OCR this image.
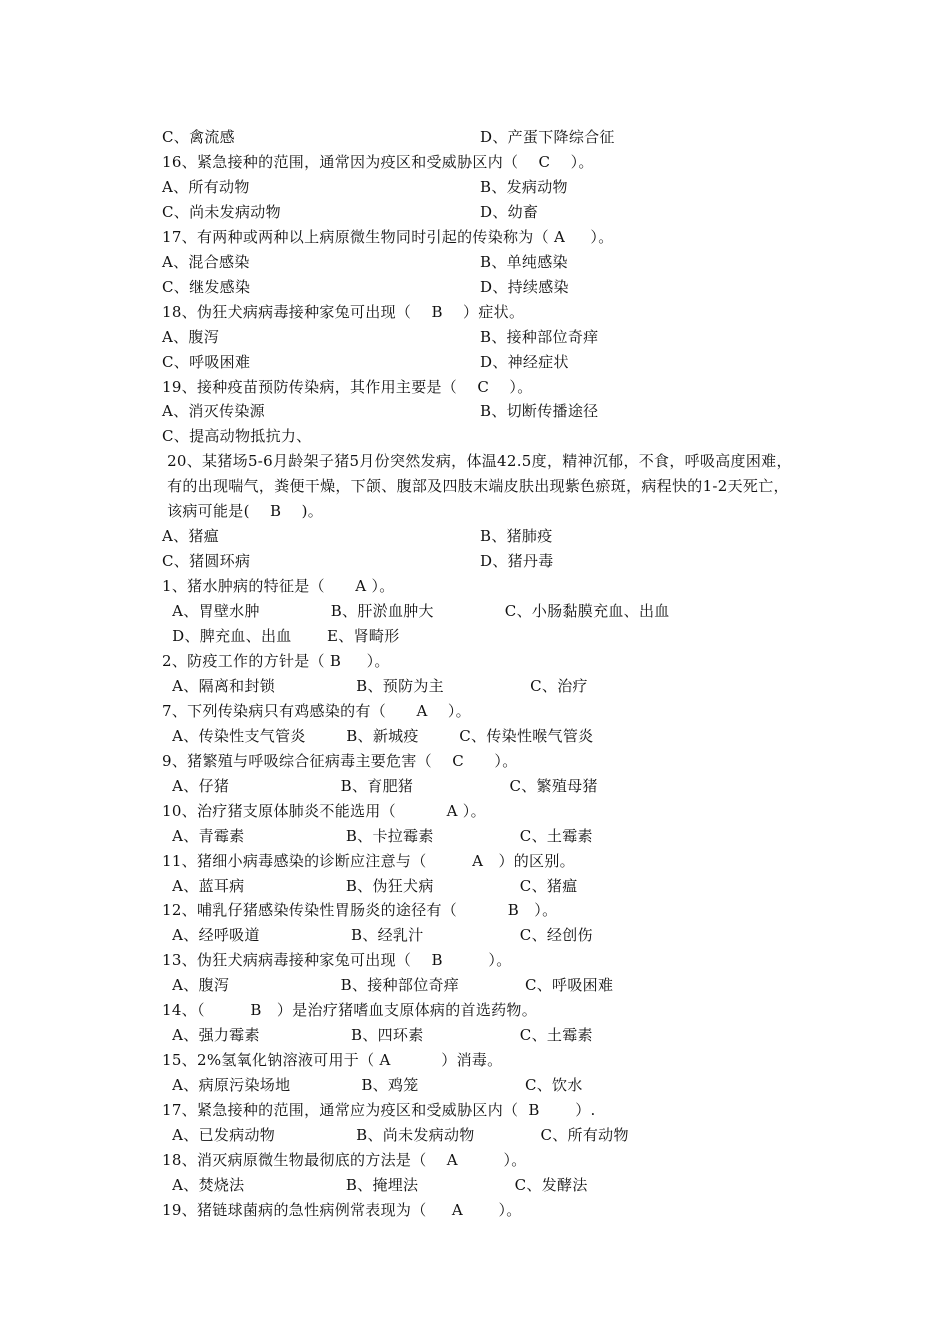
C、禽流感	D、产蛋下降综合征
16、紧急接种的范围，通常因为疫区和受威胁区内（    C    ）。
A、所有动物	B、发病动物
C、尚未发病动物	D、幼畜
17、有两种或两种以上病原微生物同时引起的传染称为（ A     ）。
A、混合感染	B、单纯感染
C、继发感染	D、持续感染
18、伪狂犬病病毒接种家兔可出现（    B    ）症状。
A、腹泻	B、接种部位奇痒
C、呼吸困难	D、神经症状
19、接种疫苗预防传染病，其作用主要是（    C    ）。
A、消灭传染源	B、切断传播途径
C、提高动物抵抗力、
20、某猪场5-6月龄架子猪5月份突然发病，体温42.5度，精神沉郁，不食，呼吸高度困难，
有的出现喘气，粪便干燥，下颌、腹部及四肢末端皮肤出现紫色瘀斑，病程快的1-2天死亡，
该病可能是(    B    )。
A、猪瘟	B、猪肺疫
C、猪圆环病	D、猪丹毒
1、猪水肿病的特征是（      A ）。
A、胃壁水肿              B、肝淤血肿大              C、小肠黏膜充血、出血
D、脾充血、出血       E、肾畸形
2、防疫工作的方针是（ B     ）。
A、隔离和封锁                B、预防为主                 C、治疗
7、下列传染病只有鸡感染的有（      A    ）。
A、传染性支气管炎        B、新城疫        C、传染性喉气管炎
9、猪繁殖与呼吸综合征病毒主要危害（    C      ）。
A、仔猪                      B、育肥猪                   C、繁殖母猪
10、治疗猪支原体肺炎不能选用（          A ）。
A、青霉素                    B、卡拉霉素                 C、土霉素
11、猪细小病毒感染的诊断应注意与（         A   ）的区别。
A、蓝耳病                    B、伪狂犬病                 C、猪瘟
12、哺乳仔猪感染传染性胃肠炎的途径有（          B   ）。
A、经呼吸道                  B、经乳汁                   C、经创伤
13、伪狂犬病病毒接种家兔可出现（    B         ）。
A、腹泻                      B、接种部位奇痒             C、呼吸困难
14、（         B   ）是治疗猪嗜血支原体病的首选药物。
A、强力霉素                  B、四环素                   C、土霉素
15、2%氢氧化钠溶液可用于（ A          ）消毒。
A、病原污染场地              B、鸡笼                     C、饮水
17、紧急接种的范围，通常应为疫区和受威胁区内（  B       ）.
A、已发病动物                B、尚未发病动物             C、所有动物
18、消灭病原微生物最彻底的方法是（    A         ）。
A、焚烧法                    B、掩埋法                   C、发酵法
19、猪链球菌病的急性病例常表现为（     A       ）。
